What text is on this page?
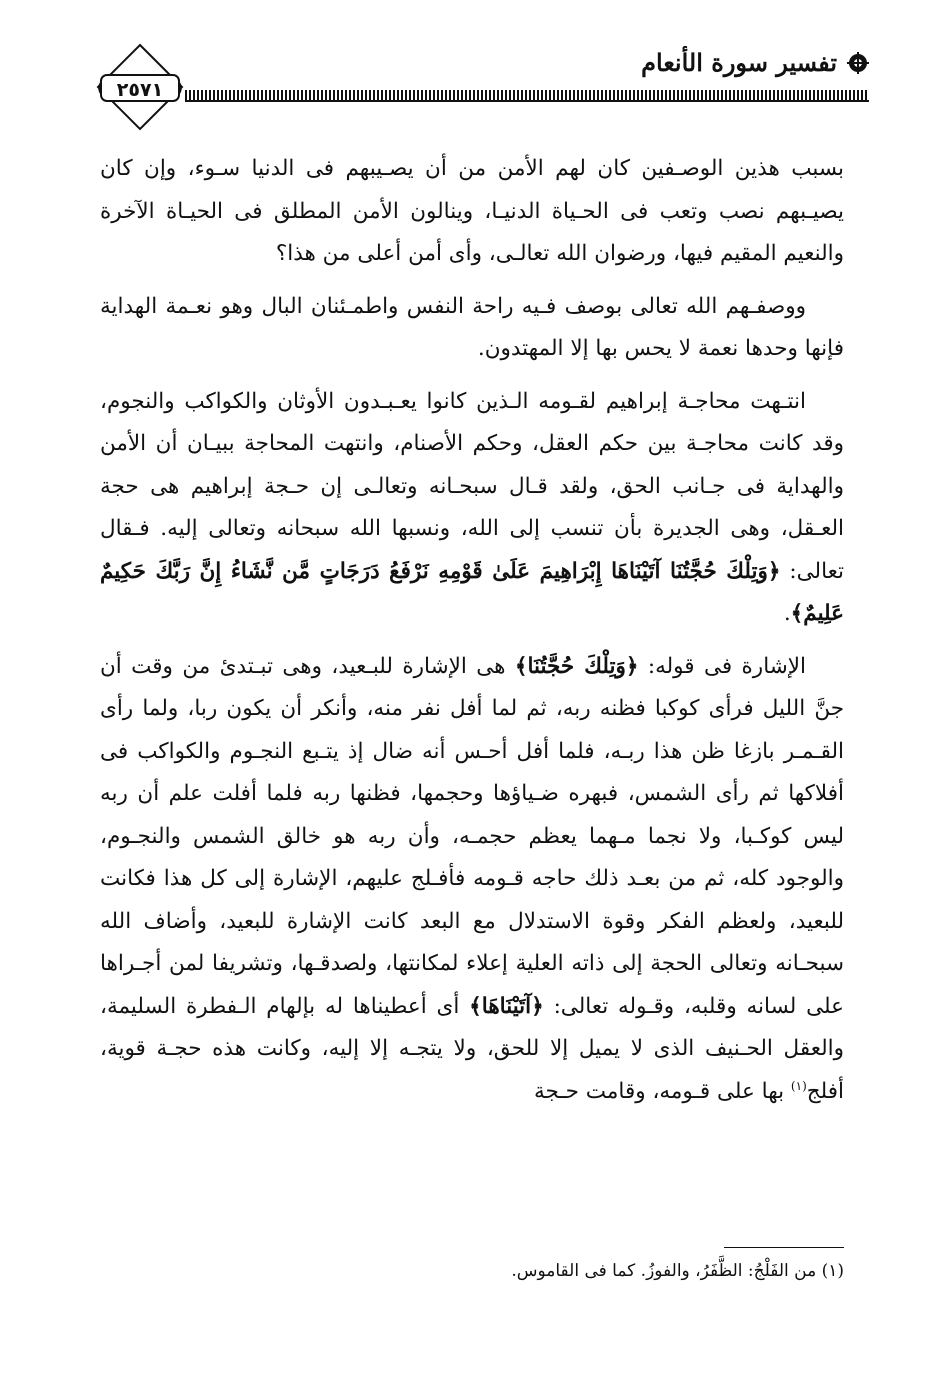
تفسير سورة الأنعام
٢٥٧١

بسبب هذين الوصـفين كان لهم الأمن من أن يصـيبهم فى الدنيا سـوء، وإن كان يصيـبهم نصب وتعب فى الحـياة الدنيـا، وينالون الأمن المطلق فى الحيـاة الآخرة والنعيم المقيم فيها، ورضوان الله تعالـى، وأى أمن أعلى من هذا؟

ووصفـهم الله تعالى بوصف فـيه راحة النفس واطمـئنان البال وهو نعـمة الهداية فإنها وحدها نعمة لا يحس بها إلا المهتدون.

انتـهت محاجـة إبراهيم لقـومه الـذين كانوا يعـبـدون الأوثان والكواكب والنجوم، وقد كانت محاجـة بين حكم العقل، وحكم الأصنام، وانتهت المحاجة ببيـان أن الأمن والهداية فى جـانب الحق، ولقد قـال سبحـانه وتعالـى إن حـجة إبراهيم هى حجة العـقل، وهى الجديرة بأن تنسب إلى الله، ونسبها الله سبحانه وتعالى إليه. فـقال تعالى: ﴿وَتِلْكَ حُجَّتُنَا آتَيْنَاهَا إِبْرَاهِيمَ عَلَىٰ قَوْمِهِ نَرْفَعُ دَرَجَاتٍ مَّن نَّشَاءُ إِنَّ رَبَّكَ حَكِيمٌ عَلِيمٌ﴾.

الإشارة فى قوله: ﴿وَتِلْكَ حُجَّتُنَا﴾ هى الإشارة للبـعيد، وهى تبـتدئ من وقت أن جنَّ الليل فرأى كوكبا فظنه ربه، ثم لما أفل نفر منه، وأنكر أن يكون ربا، ولما رأى القـمـر بازغا ظن هذا ربـه، فلما أفل أحـس أنه ضال إذ يتـبع النجـوم والكواكب فى أفلاكها ثم رأى الشمس، فبهره ضـياؤها وحجمها، فظنها ربه فلما أفلت علم أن ربه ليس كوكـبا، ولا نجما مـهما يعظم حجمـه، وأن ربه هو خالق الشمس والنجـوم، والوجود كله، ثم من بعـد ذلك حاجه قـومه فأفـلج عليهم، الإشارة إلى كل هذا فكانت للبعيد، ولعظم الفكر وقوة الاستدلال مع البعد كانت الإشارة للبعيد، وأضاف الله سبحـانه وتعالى الحجة إلى ذاته العلية إعلاء لمكانتها، ولصدقـها، وتشريفا لمن أجـراها على لسانه وقلبه، وقـوله تعالى: ﴿آتَيْنَاهَا﴾ أى أعطيناها له بإلهام الـفطرة السليمة، والعقل الحـنيف الذى لا يميل إلا للحق، ولا يتجـه إلا إليه، وكانت هذه حجـة قوية، أفلج$^{(١)}$ بها على قـومه، وقامت حـجة

(١) من الفَلْجُ: الظَّفَرُ، والفوزُ. كما فى القاموس.
